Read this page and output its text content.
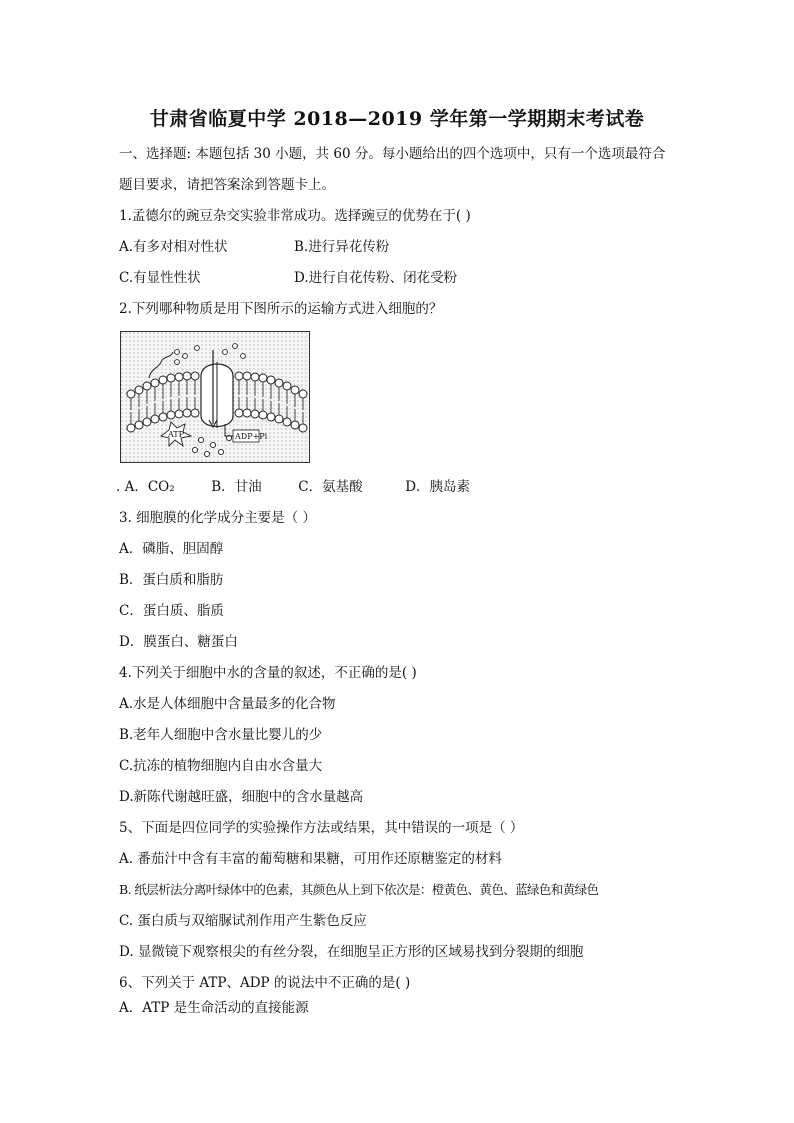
甘肃省临夏中学 2018—2019 学年第一学期期末考试卷
一、选择题: 本题包括 30 小题，共 60 分。每小题给出的四个选项中，只有一个选项最符合
题目要求，请把答案涂到答题卡上。
1.孟德尔的豌豆杂交实验非常成功。选择豌豆的优势在于( )
A.有多对相对性状	B.进行异花传粉
C.有显性性状	D.进行自花传粉、闭花受粉
2.下列哪种物质是用下图所示的运输方式进入细胞的？
ATP	ADP+Pi
. A．CO₂	B．甘油	C．氨基酸	D．胰岛素
3. 细胞膜的化学成分主要是（ ）
A．磷脂、胆固醇
B．蛋白质和脂肪
C．蛋白质、脂质
D．膜蛋白、糖蛋白
4.下列关于细胞中水的含量的叙述，不正确的是( )
A.水是人体细胞中含量最多的化合物
B.老年人细胞中含水量比婴儿的少
C.抗冻的植物细胞内自由水含量大
D.新陈代谢越旺盛，细胞中的含水量越高
5、下面是四位同学的实验操作方法或结果，其中错误的一项是（ ）
A. 番茄汁中含有丰富的葡萄糖和果糖，可用作还原糖鉴定的材料
B. 纸层析法分离叶绿体中的色素，其颜色从上到下依次是：橙黄色、黄色、蓝绿色和黄绿色
C. 蛋白质与双缩脲试剂作用产生紫色反应
D. 显微镜下观察根尖的有丝分裂，在细胞呈正方形的区域易找到分裂期的细胞
6、下列关于 ATP、ADP 的说法中不正确的是( )
A．ATP 是生命活动的直接能源
